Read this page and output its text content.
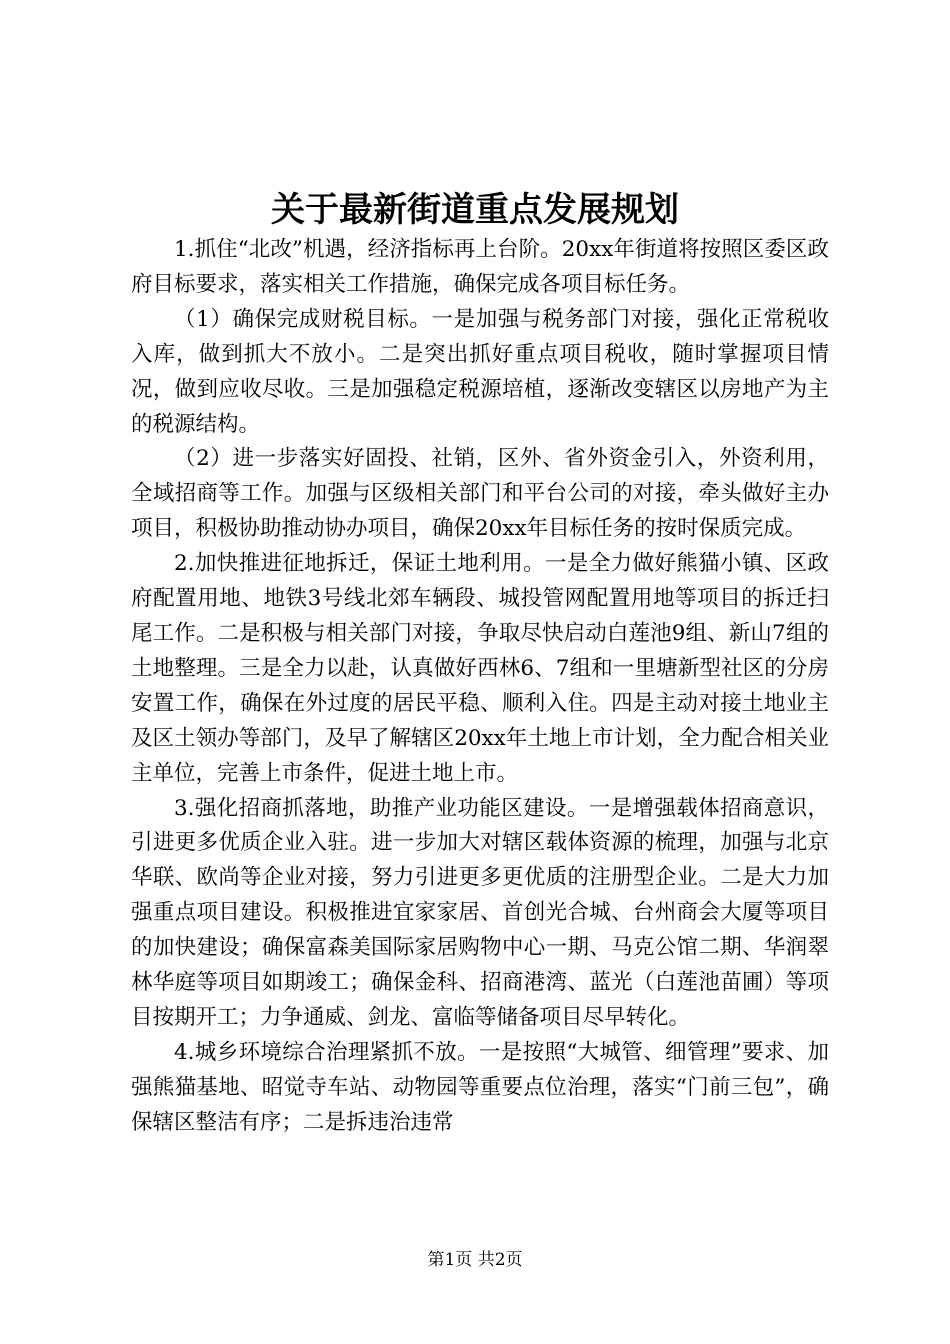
关于最新街道重点发展规划

1.抓住“北改”机遇，经济指标再上台阶。20xx年街道将按照区委区政府目标要求，落实相关工作措施，确保完成各项目标任务。

（1）确保完成财税目标。一是加强与税务部门对接，强化正常税收入库，做到抓大不放小。二是突出抓好重点项目税收，随时掌握项目情况，做到应收尽收。三是加强稳定税源培植，逐渐改变辖区以房地产为主的税源结构。

（2）进一步落实好固投、社销，区外、省外资金引入，外资利用，全域招商等工作。加强与区级相关部门和平台公司的对接，牵头做好主办项目，积极协助推动协办项目，确保20xx年目标任务的按时保质完成。

2.加快推进征地拆迁，保证土地利用。一是全力做好熊猫小镇、区政府配置用地、地铁3号线北郊车辆段、城投管网配置用地等项目的拆迁扫尾工作。二是积极与相关部门对接，争取尽快启动白莲池9组、新山7组的土地整理。三是全力以赴，认真做好西林6、7组和一里塘新型社区的分房安置工作，确保在外过度的居民平稳、顺利入住。四是主动对接土地业主及区土领办等部门，及早了解辖区20xx年土地上市计划，全力配合相关业主单位，完善上市条件，促进土地上市。

3.强化招商抓落地，助推产业功能区建设。一是增强载体招商意识，引进更多优质企业入驻。进一步加大对辖区载体资源的梳理，加强与北京华联、欧尚等企业对接，努力引进更多更优质的注册型企业。二是大力加强重点项目建设。积极推进宜家家居、首创光合城、台州商会大厦等项目的加快建设；确保富森美国际家居购物中心一期、马克公馆二期、华润翠林华庭等项目如期竣工；确保金科、招商港湾、蓝光（白莲池苗圃）等项目按期开工；力争通威、剑龙、富临等储备项目尽早转化。

4.城乡环境综合治理紧抓不放。一是按照“大城管、细管理”要求、加强熊猫基地、昭觉寺车站、动物园等重要点位治理，落实“门前三包”，确保辖区整洁有序；二是拆违治违常

第1页 共2页
